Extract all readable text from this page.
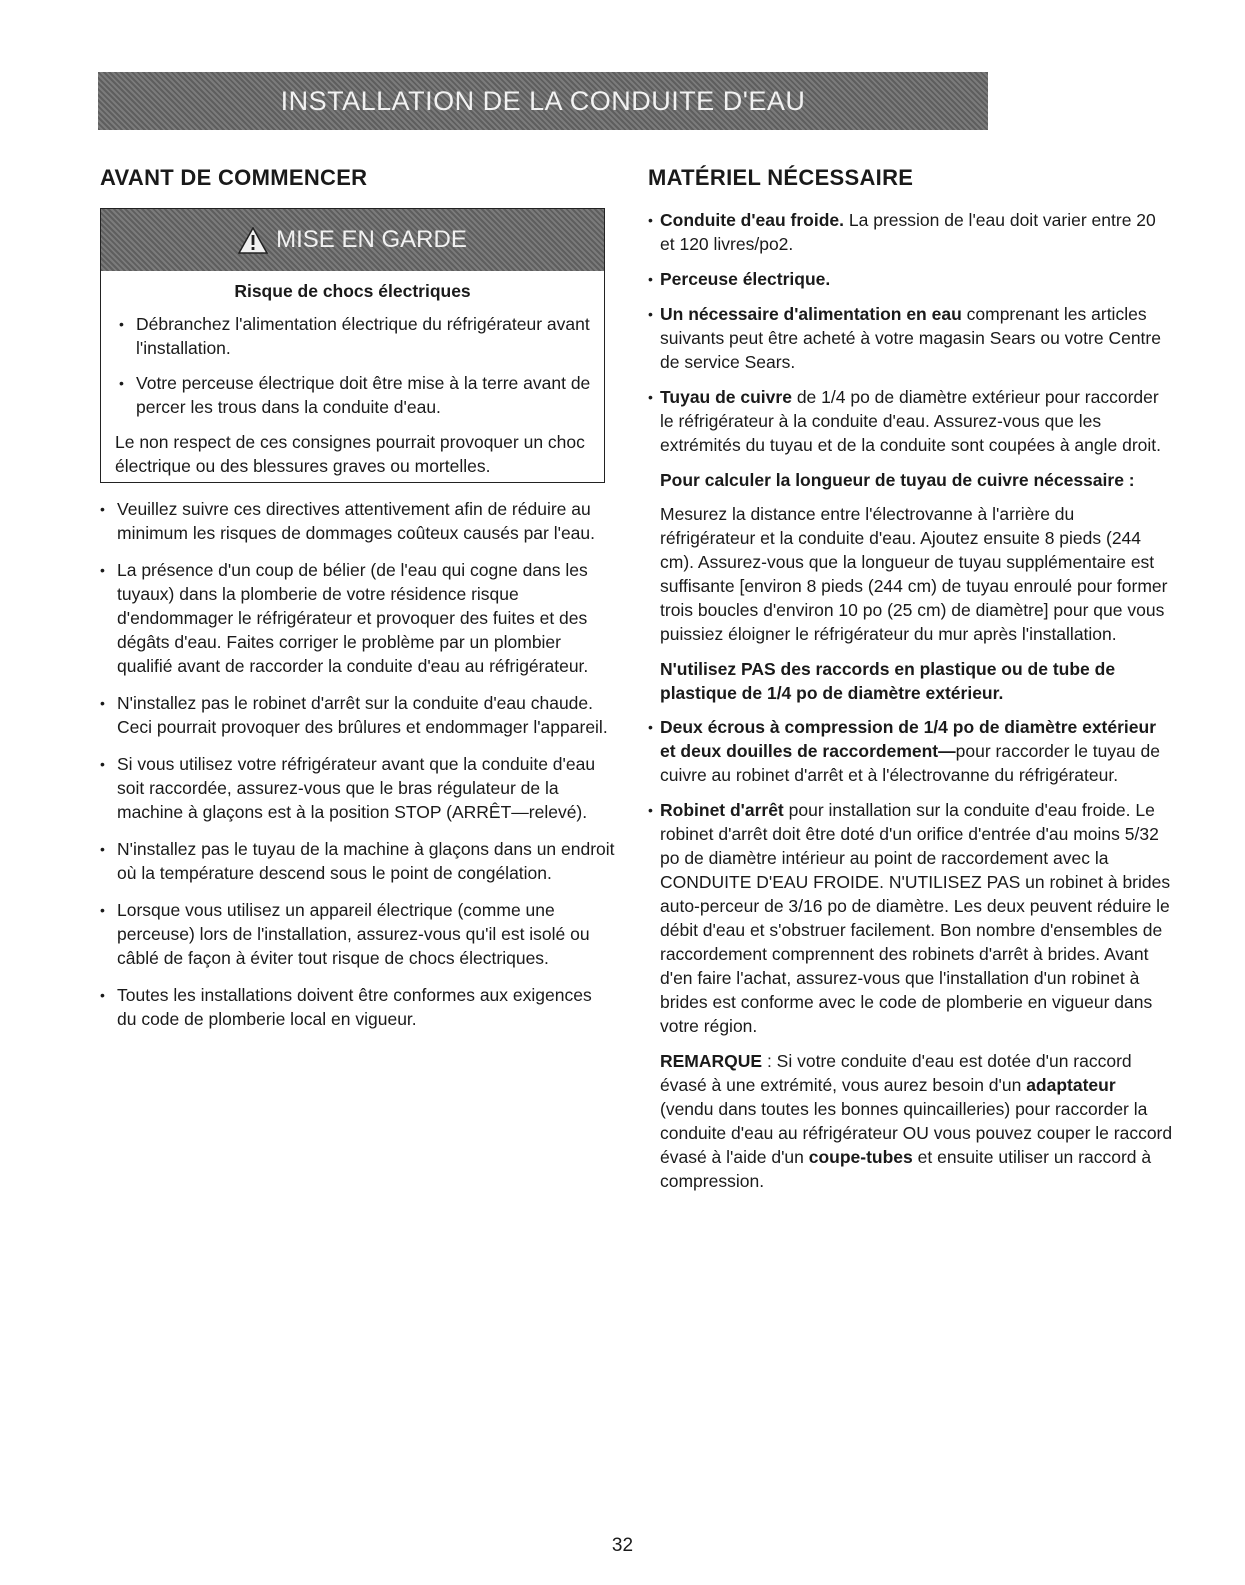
INSTALLATION DE LA CONDUITE D'EAU
AVANT DE COMMENCER
MISE EN GARDE
Risque de chocs électriques
• Débranchez l'alimentation électrique du réfrigérateur avant l'installation.
• Votre perceuse électrique doit être mise à la terre avant de percer les trous dans la conduite d'eau.

Le non respect de ces consignes pourrait provoquer un choc électrique ou des blessures graves ou mortelles.

• Veuillez suivre ces directives attentivement afin de réduire au minimum les risques de dommages coûteux causés par l'eau.
• La présence d'un coup de bélier (de l'eau qui cogne dans les tuyaux) dans la plomberie de votre résidence risque d'endommager le réfrigérateur et provoquer des fuites et des dégâts d'eau. Faites corriger le problème par un plombier qualifié avant de raccorder la conduite d'eau au réfrigérateur.
• N'installez pas le robinet d'arrêt sur la conduite d'eau chaude. Ceci pourrait provoquer des brûlures et endommager l'appareil.
• Si vous utilisez votre réfrigérateur avant que la conduite d'eau soit raccordée, assurez-vous que le bras régulateur de la machine à glaçons est à la position STOP (ARRÊT—relevé).
• N'installez pas le tuyau de la machine à glaçons dans un endroit où la température descend sous le point de congélation.
• Lorsque vous utilisez un appareil électrique (comme une perceuse) lors de l'installation, assurez-vous qu'il est isolé ou câblé de façon à éviter tout risque de chocs électriques.
• Toutes les installations doivent être conformes aux exigences du code de plomberie local en vigueur.
MATÉRIEL NÉCESSAIRE
• Conduite d'eau froide. La pression de l'eau doit varier entre 20 et 120 livres/po2.
• Perceuse électrique.
• Un nécessaire d'alimentation en eau comprenant les articles suivants peut être acheté à votre magasin Sears ou votre Centre de service Sears.
• Tuyau de cuivre de 1/4 po de diamètre extérieur pour raccorder le réfrigérateur à la conduite d'eau. Assurez-vous que les extrémités du tuyau et de la conduite sont coupées à angle droit.

Pour calculer la longueur de tuyau de cuivre nécessaire :

Mesurez la distance entre l'électrovanne à l'arrière du réfrigérateur et la conduite d'eau. Ajoutez ensuite 8 pieds (244 cm). Assurez-vous que la longueur de tuyau supplémentaire est suffisante [environ 8 pieds (244 cm) de tuyau enroulé pour former trois boucles d'environ 10 po (25 cm) de diamètre] pour que vous puissiez éloigner le réfrigérateur du mur après l'installation.

N'utilisez PAS des raccords en plastique ou de tube de plastique de 1/4 po de diamètre extérieur.

• Deux écrous à compression de 1/4 po de diamètre extérieur et deux douilles de raccordement—pour raccorder le tuyau de cuivre au robinet d'arrêt et à l'électrovanne du réfrigérateur.
• Robinet d'arrêt pour installation sur la conduite d'eau froide. Le robinet d'arrêt doit être doté d'un orifice d'entrée d'au moins 5/32 po de diamètre intérieur au point de raccordement avec la CONDUITE D'EAU FROIDE. N'UTILISEZ PAS un robinet à brides auto-perceur de 3/16 po de diamètre. Les deux peuvent réduire le débit d'eau et s'obstruer facilement. Bon nombre d'ensembles de raccordement comprennent des robinets d'arrêt à brides. Avant d'en faire l'achat, assurez-vous que l'installation d'un robinet à brides est conforme avec le code de plomberie en vigueur dans votre région.

REMARQUE : Si votre conduite d'eau est dotée d'un raccord évasé à une extrémité, vous aurez besoin d'un adaptateur (vendu dans toutes les bonnes quincailleries) pour raccorder la conduite d'eau au réfrigérateur OU vous pouvez couper le raccord évasé à l'aide d'un coupe-tubes et ensuite utiliser un raccord à compression.

32
